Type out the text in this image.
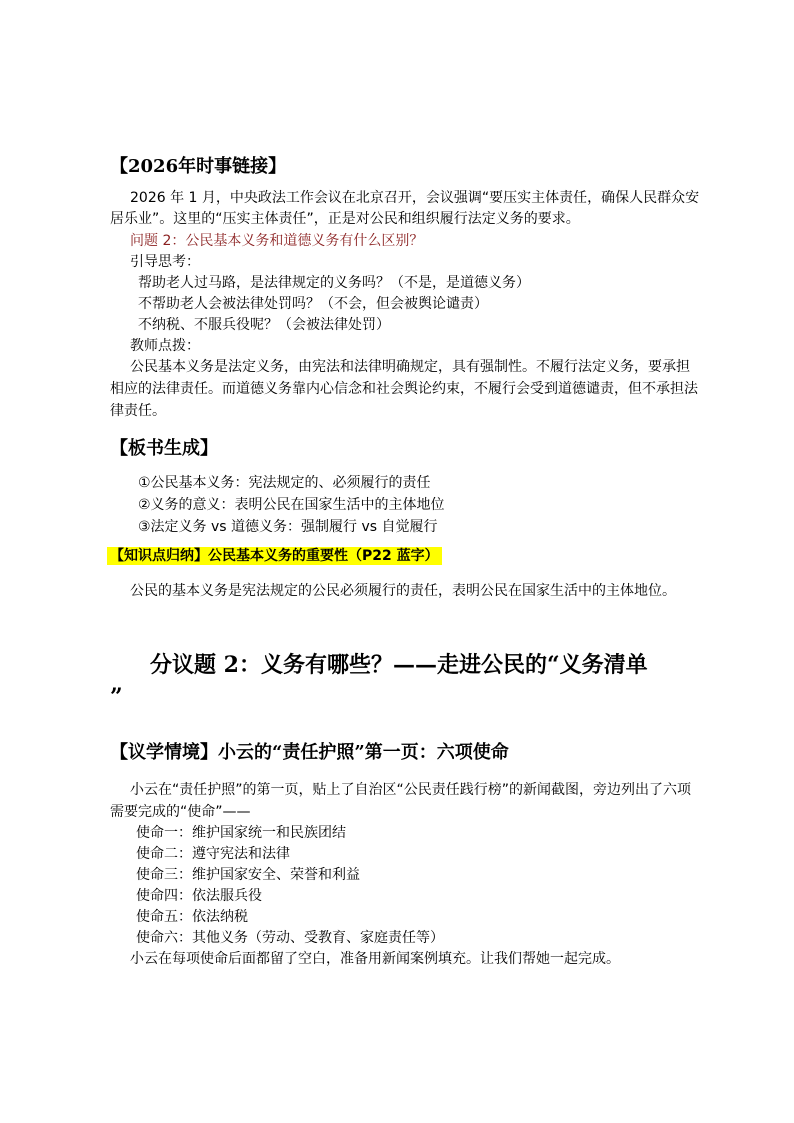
【2026年时事链接】
2026 年 1 月，中央政法工作会议在北京召开，会议强调“要压实主体责任，确保人民群众安
居乐业”。这里的“压实主体责任”，正是对公民和组织履行法定义务的要求。
问题 2：公民基本义务和道德义务有什么区别？
引导思考：
帮助老人过马路，是法律规定的义务吗？（不是，是道德义务）
不帮助老人会被法律处罚吗？（不会，但会被舆论谴责）
不纳税、不服兵役呢？（会被法律处罚）
教师点拨：
公民基本义务是法定义务，由宪法和法律明确规定，具有强制性。不履行法定义务，要承担
相应的法律责任。而道德义务靠内心信念和社会舆论约束，不履行会受到道德谴责，但不承担法
律责任。
【板书生成】
①公民基本义务：宪法规定的、必须履行的责任
②义务的意义：表明公民在国家生活中的主体地位
③法定义务 vs 道德义务：强制履行 vs 自觉履行
【知识点归纳】公民基本义务的重要性（P22 蓝字）
公民的基本义务是宪法规定的公民必须履行的责任，表明公民在国家生活中的主体地位。
分议题 2：义务有哪些？——走进公民的“义务清单
”
【议学情境】小云的“责任护照”第一页：六项使命
小云在“责任护照”的第一页，贴上了自治区“公民责任践行榜”的新闻截图，旁边列出了六项
需要完成的“使命”——
使命一：维护国家统一和民族团结
使命二：遵守宪法和法律
使命三：维护国家安全、荣誉和利益
使命四：依法服兵役
使命五：依法纳税
使命六：其他义务（劳动、受教育、家庭责任等）
小云在每项使命后面都留了空白，准备用新闻案例填充。让我们帮她一起完成。
